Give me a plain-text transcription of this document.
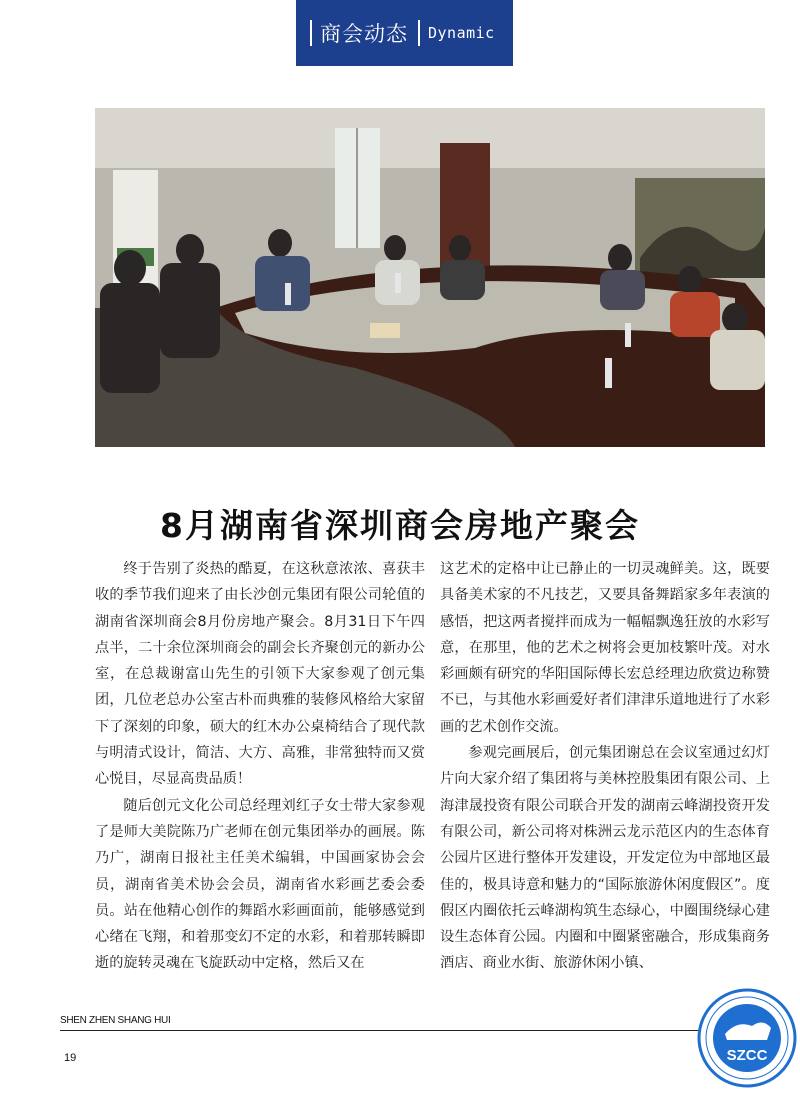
商会动态 Dynamic
8月湖南省深圳商会房地产聚会

终于告别了炎热的酷夏，在这秋意浓浓、喜获丰收的季节我们迎来了由长沙创元集团有限公司轮值的湖南省深圳商会8月份房地产聚会。8月31日下午四点半，二十余位深圳商会的副会长齐聚创元的新办公室，在总裁谢富山先生的引领下大家参观了创元集团，几位老总办公室古朴而典雅的装修风格给大家留下了深刻的印象，硕大的红木办公桌椅结合了现代款与明清式设计，简洁、大方、高雅，非常独特而又赏心悦目，尽显高贵品质！

随后创元文化公司总经理刘红子女士带大家参观了是师大美院陈乃广老师在创元集团举办的画展。陈乃广，湖南日报社主任美术编辑，中国画家协会会员，湖南省美术协会会员，湖南省水彩画艺委会委员。站在他精心创作的舞蹈水彩画面前，能够感觉到心绪在飞翔，和着那变幻不定的水彩，和着那转瞬即逝的旋转灵魂在飞旋跃动中定格，然后又在

这艺术的定格中让已静止的一切灵魂鲜美。这，既要具备美术家的不凡技艺，又要具备舞蹈家多年表演的感悟，把这两者搅拌而成为一幅幅飘逸狂放的水彩写意，在那里，他的艺术之树将会更加枝繁叶茂。对水彩画颇有研究的华阳国际傅长宏总经理边欣赏边称赞不已，与其他水彩画爱好者们津津乐道地进行了水彩画的艺术创作交流。

参观完画展后，创元集团谢总在会议室通过幻灯片向大家介绍了集团将与美林控股集团有限公司、上海津晟投资有限公司联合开发的湖南云峰湖投资开发有限公司，新公司将对株洲云龙示范区内的生态体育公园片区进行整体开发建设，开发定位为中部地区最佳的，极具诗意和魅力的“国际旅游休闲度假区”。度假区内圈依托云峰湖构筑生态绿心，中圈围绕绿心建设生态体育公园。内圈和中圈紧密融合，形成集商务酒店、商业水街、旅游休闲小镇、

SHEN ZHEN SHANG HUI
19	SZCC
